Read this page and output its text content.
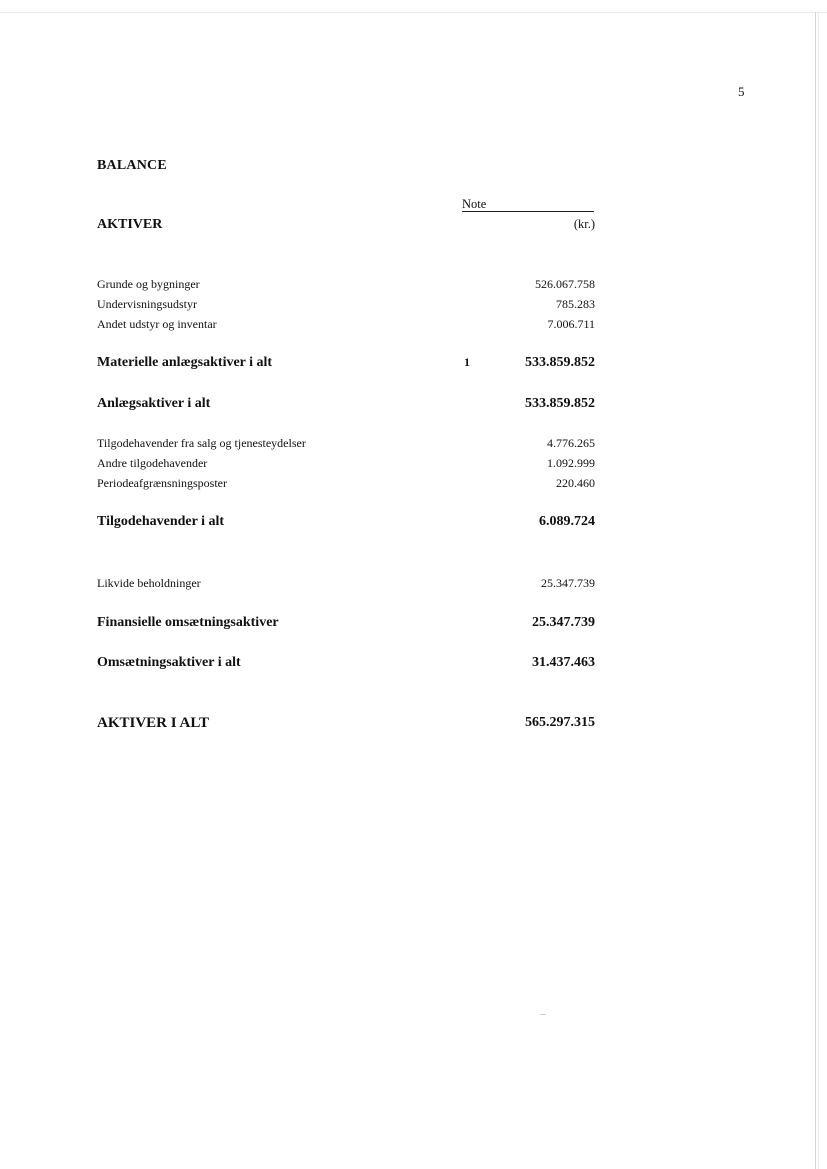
5
BALANCE
Note
AKTIVER	(kr.)
Grunde og bygninger	526.067.758
Undervisningsudstyr	785.283
Andet udstyr og inventar	7.006.711
Materielle anlægsaktiver i alt	1	533.859.852
Anlægsaktiver i alt	533.859.852
Tilgodehavender fra salg og tjenesteydelser	4.776.265
Andre tilgodehavender	1.092.999
Periodeafgrænsningsposter	220.460
Tilgodehavender i alt	6.089.724
Likvide beholdninger	25.347.739
Finansielle omsætningsaktiver	25.347.739
Omsætningsaktiver i alt	31.437.463
AKTIVER I ALT	565.297.315
